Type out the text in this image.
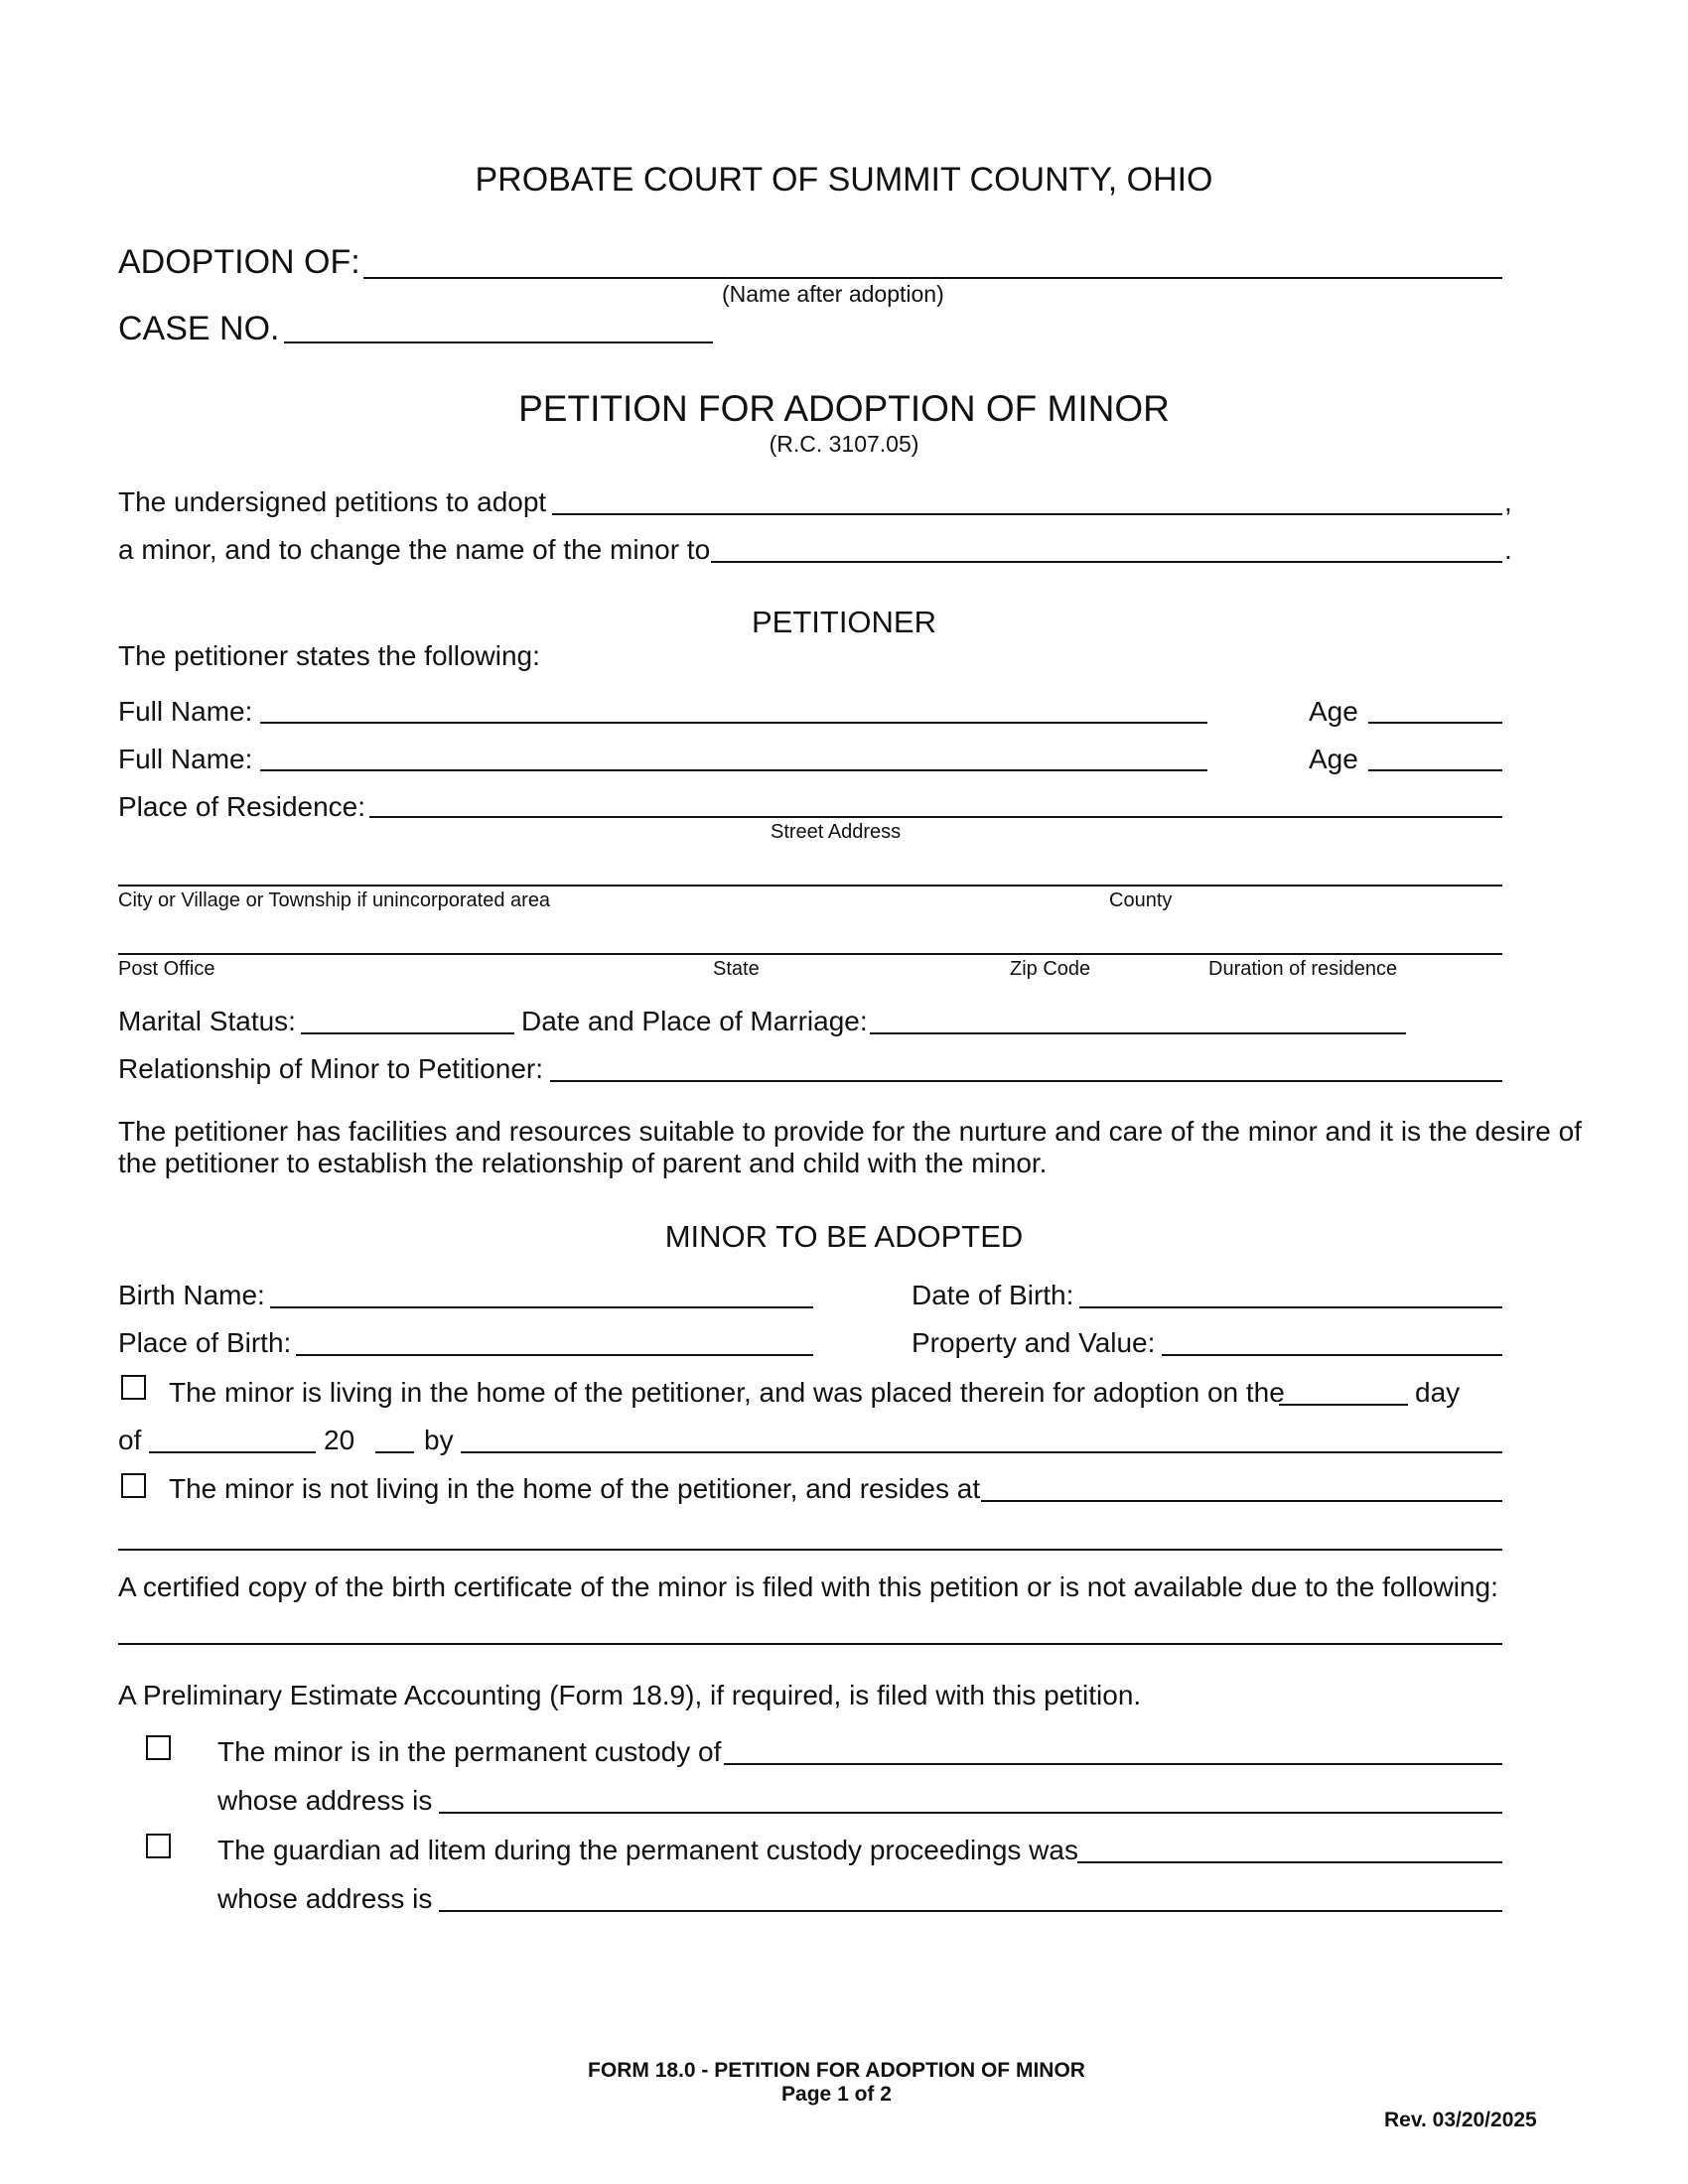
PROBATE COURT OF SUMMIT COUNTY, OHIO
ADOPTION OF:
(Name after adoption)
CASE NO.
PETITION FOR ADOPTION OF MINOR
(R.C. 3107.05)
The undersigned petitions to adopt	,
a minor, and to change the name of the minor to	.
PETITIONER
The petitioner states the following:
Full Name:	Age
Full Name:	Age
Place of Residence:
Street Address
City or Village or Township if unincorporated area	County
Post Office	State	Zip Code	Duration of residence
Marital Status:	Date and Place of Marriage:
Relationship of Minor to Petitioner:
The petitioner has facilities and resources suitable to provide for the nurture and care of the minor and it is the desire of
the petitioner to establish the relationship of parent and child with the minor.
MINOR TO BE ADOPTED
Birth Name:	Date of Birth:
Place of Birth:	Property and Value:
The minor is living in the home of the petitioner, and was placed therein for adoption on the	day
of	20 by
The minor is not living in the home of the petitioner, and resides at
A certified copy of the birth certificate of the minor is filed with this petition or is not available due to the following:
A Preliminary Estimate Accounting (Form 18.9), if required, is filed with this petition.
The minor is in the permanent custody of
whose address is
The guardian ad litem during the permanent custody proceedings was
whose address is
FORM 18.0 - PETITION FOR ADOPTION OF MINOR
Page 1 of 2
Rev. 03/20/2025
